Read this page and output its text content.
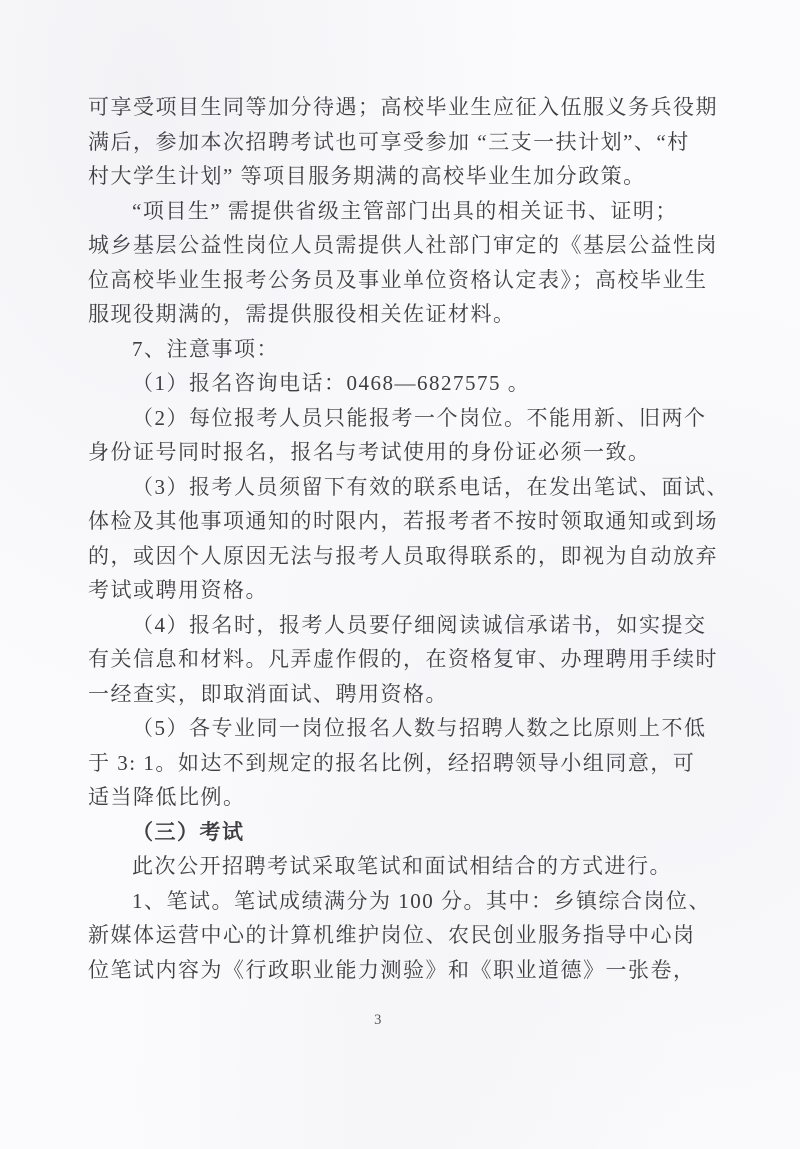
可享受项目生同等加分待遇；高校毕业生应征入伍服义务兵役期
满后，参加本次招聘考试也可享受参加 “三支一扶计划”、“村
村大学生计划” 等项目服务期满的高校毕业生加分政策。
“项目生” 需提供省级主管部门出具的相关证书、证明；
城乡基层公益性岗位人员需提供人社部门审定的《基层公益性岗
位高校毕业生报考公务员及事业单位资格认定表》；高校毕业生
服现役期满的，需提供服役相关佐证材料。
7、注意事项：
（1）报名咨询电话：0468—6827575 。
（2）每位报考人员只能报考一个岗位。不能用新、旧两个
身份证号同时报名，报名与考试使用的身份证必须一致。
（3）报考人员须留下有效的联系电话，在发出笔试、面试、
体检及其他事项通知的时限内，若报考者不按时领取通知或到场
的，或因个人原因无法与报考人员取得联系的，即视为自动放弃
考试或聘用资格。
（4）报名时，报考人员要仔细阅读诚信承诺书，如实提交
有关信息和材料。凡弄虚作假的，在资格复审、办理聘用手续时
一经查实，即取消面试、聘用资格。
（5）各专业同一岗位报名人数与招聘人数之比原则上不低
于 3: 1。如达不到规定的报名比例，经招聘领导小组同意，可
适当降低比例。
（三）考试
此次公开招聘考试采取笔试和面试相结合的方式进行。
1、笔试。笔试成绩满分为 100 分。其中：乡镇综合岗位、
新媒体运营中心的计算机维护岗位、农民创业服务指导中心岗
位笔试内容为《行政职业能力测验》和《职业道德》一张卷，
3
